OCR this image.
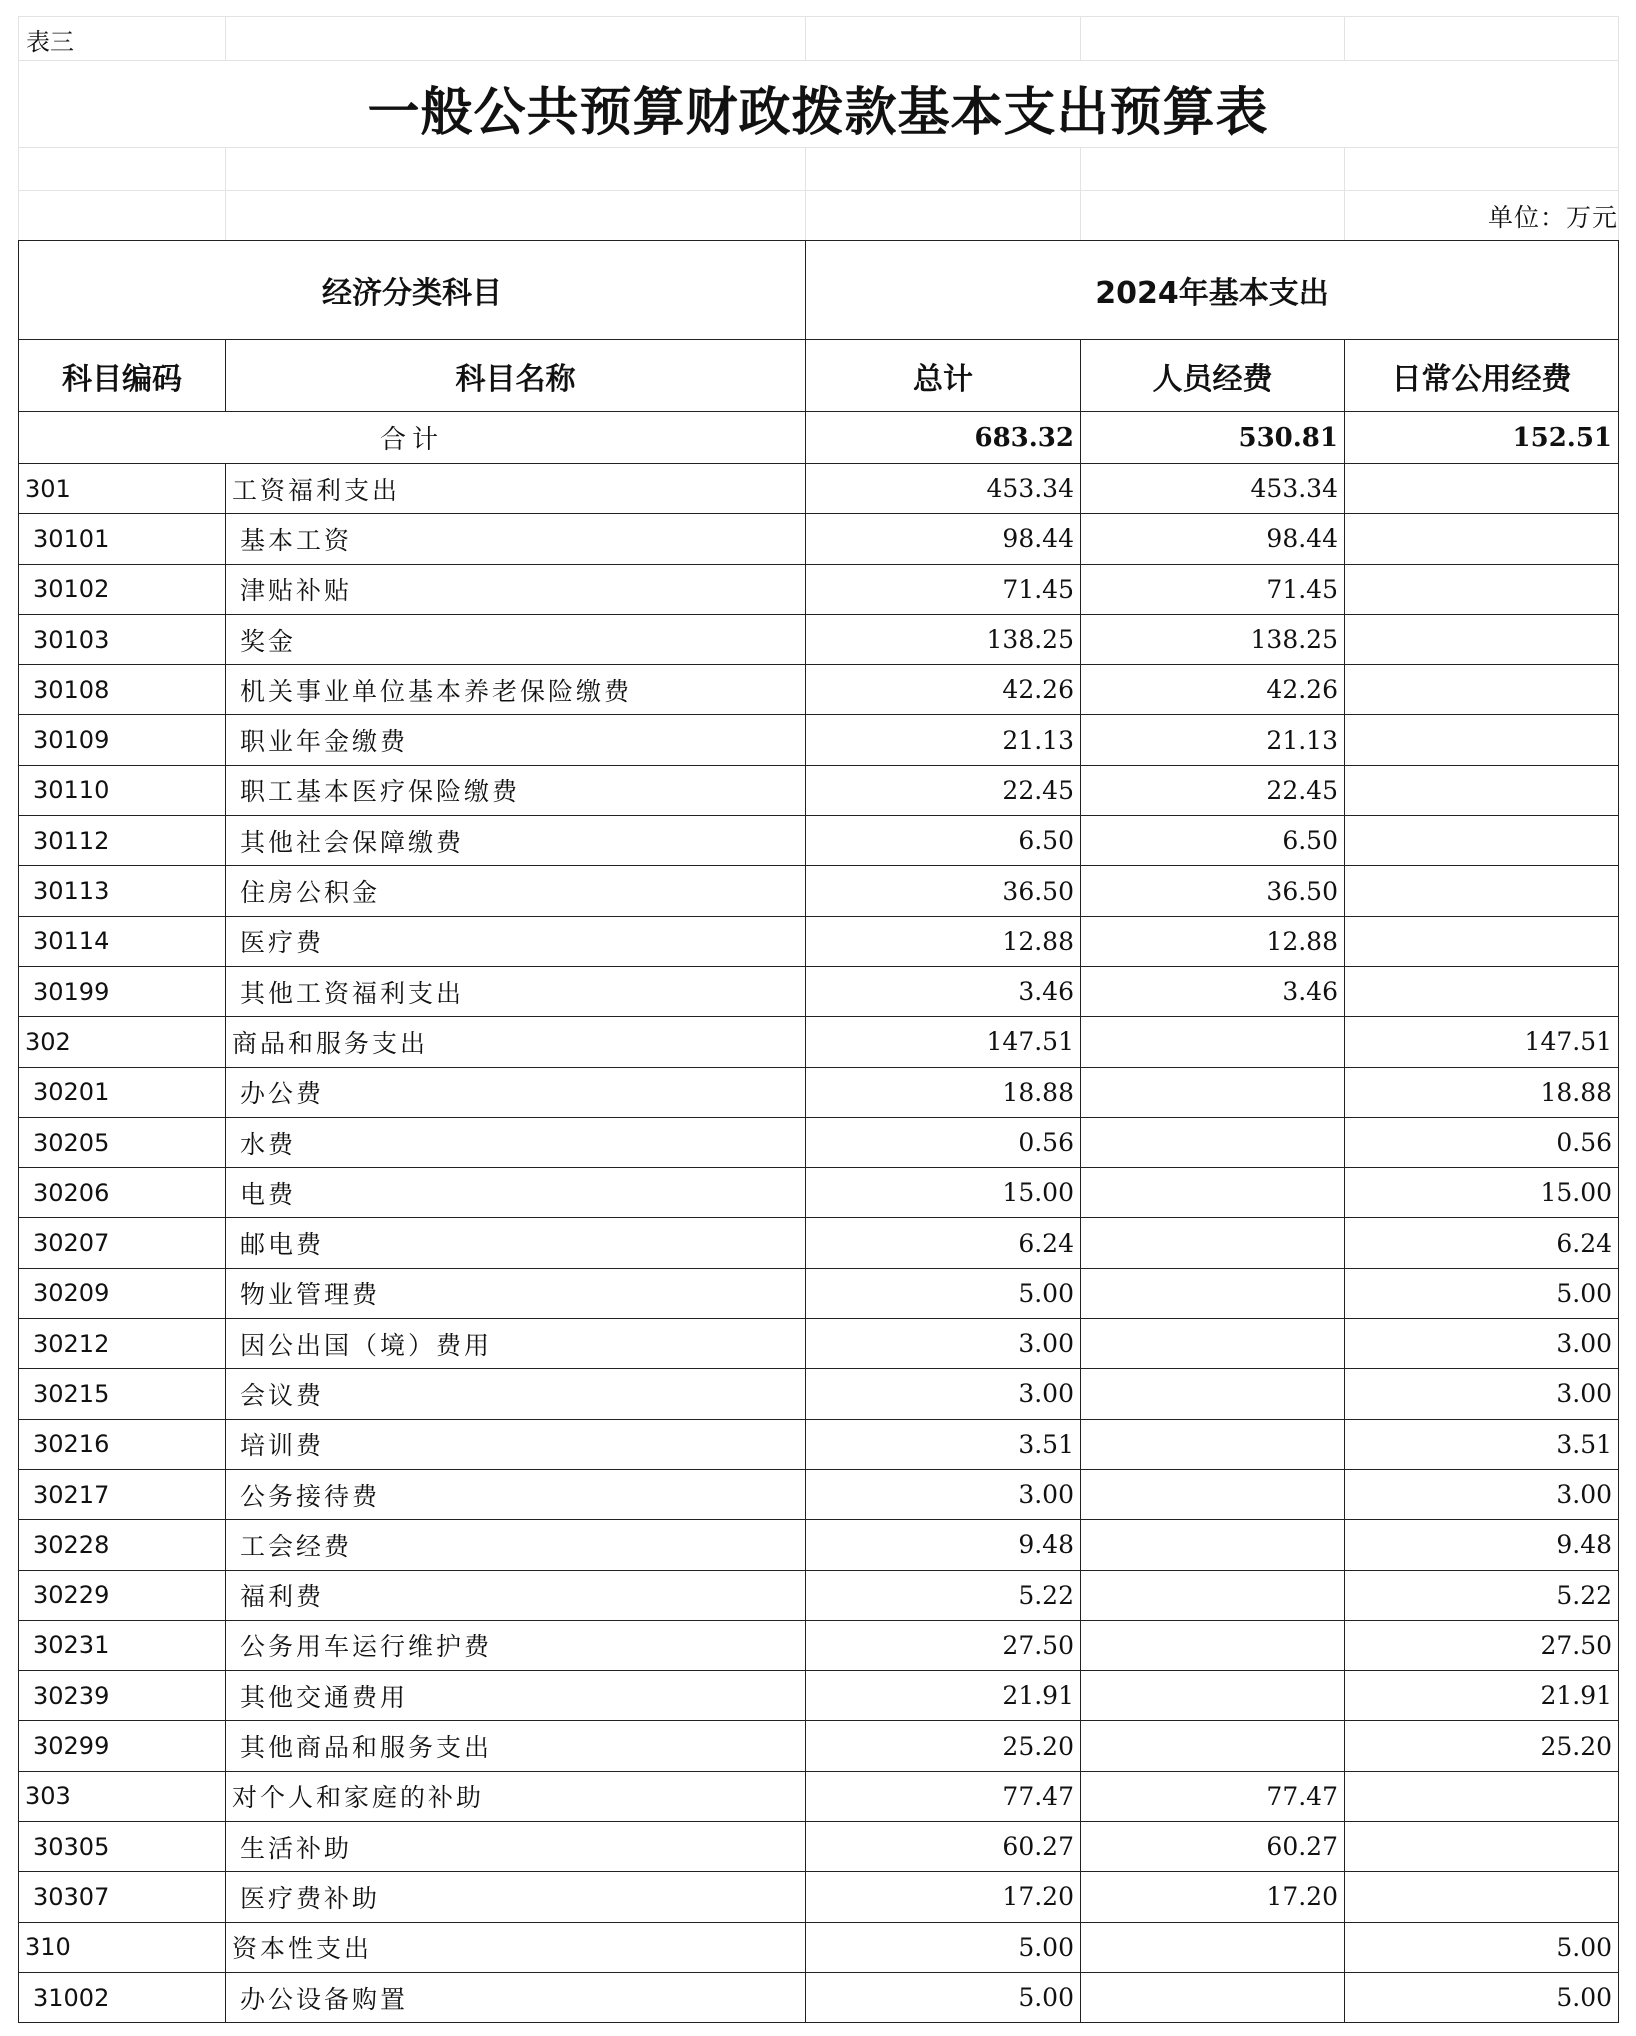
表三
一般公共预算财政拨款基本支出预算表
单位：万元
经济分类科目		2024年基本支出		
科目编码	科目名称	总计	人员经费	日常公用经费
合计		683.32	530.81	152.51
301	工资福利支出	453.34	453.34	
30101	基本工资	98.44	98.44	
30102	津贴补贴	71.45	71.45	
30103	奖金	138.25	138.25	
30108	机关事业单位基本养老保险缴费	42.26	42.26	
30109	职业年金缴费	21.13	21.13	
30110	职工基本医疗保险缴费	22.45	22.45	
30112	其他社会保障缴费	6.50	6.50	
30113	住房公积金	36.50	36.50	
30114	医疗费	12.88	12.88	
30199	其他工资福利支出	3.46	3.46	
302	商品和服务支出	147.51		147.51
30201	办公费	18.88		18.88
30205	水费	0.56		0.56
30206	电费	15.00		15.00
30207	邮电费	6.24		6.24
30209	物业管理费	5.00		5.00
30212	因公出国（境）费用	3.00		3.00
30215	会议费	3.00		3.00
30216	培训费	3.51		3.51
30217	公务接待费	3.00		3.00
30228	工会经费	9.48		9.48
30229	福利费	5.22		5.22
30231	公务用车运行维护费	27.50		27.50
30239	其他交通费用	21.91		21.91
30299	其他商品和服务支出	25.20		25.20
303	对个人和家庭的补助	77.47	77.47	
30305	生活补助	60.27	60.27	
30307	医疗费补助	17.20	17.20	
310	资本性支出	5.00		5.00
31002	办公设备购置	5.00		5.00
